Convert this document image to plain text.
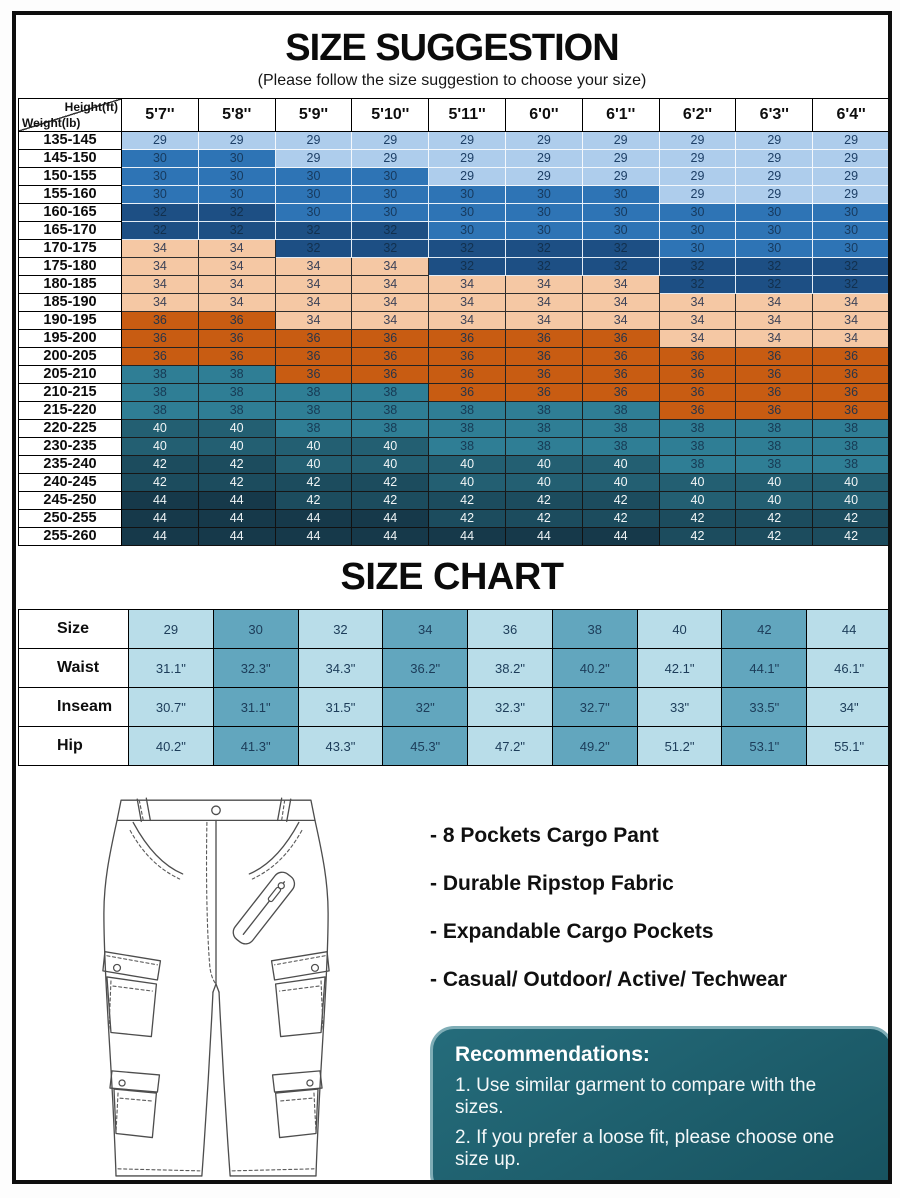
SIZE SUGGESTION
(Please follow the size suggestion to choose your size)
Height(ft)
Weight(lb)	5'7''	5'8''	5'9''	5'10''	5'11''	6'0''	6'1''	6'2''	6'3''	6'4''
135-145	29	29	29	29	29	29	29	29	29	29
145-150	30	30	29	29	29	29	29	29	29	29
150-155	30	30	30	30	29	29	29	29	29	29
155-160	30	30	30	30	30	30	30	29	29	29
160-165	32	32	30	30	30	30	30	30	30	30
165-170	32	32	32	32	30	30	30	30	30	30
170-175	34	34	32	32	32	32	32	30	30	30
175-180	34	34	34	34	32	32	32	32	32	32
180-185	34	34	34	34	34	34	34	32	32	32
185-190	34	34	34	34	34	34	34	34	34	34
190-195	36	36	34	34	34	34	34	34	34	34
195-200	36	36	36	36	36	36	36	34	34	34
200-205	36	36	36	36	36	36	36	36	36	36
205-210	38	38	36	36	36	36	36	36	36	36
210-215	38	38	38	38	36	36	36	36	36	36
215-220	38	38	38	38	38	38	38	36	36	36
220-225	40	40	38	38	38	38	38	38	38	38
230-235	40	40	40	40	38	38	38	38	38	38
235-240	42	42	40	40	40	40	40	38	38	38
240-245	42	42	42	42	40	40	40	40	40	40
245-250	44	44	42	42	42	42	42	40	40	40
250-255	44	44	44	44	42	42	42	42	42	42
255-260	44	44	44	44	44	44	44	42	42	42
SIZE CHART
Size	29	30	32	34	36	38	40	42	44
Waist	31.1"	32.3"	34.3"	36.2"	38.2"	40.2"	42.1"	44.1"	46.1"
Inseam	30.7"	31.1"	31.5"	32"	32.3"	32.7"	33"	33.5"	34"
Hip	40.2"	41.3"	43.3"	45.3"	47.2"	49.2"	51.2"	53.1"	55.1"
- 8 Pockets Cargo Pant
- Durable Ripstop Fabric
- Expandable Cargo Pockets
- Casual/ Outdoor/ Active/ Techwear
Recommendations:
1. Use similar garment to compare with the sizes.
2. If you prefer a loose fit, please choose one size up.
